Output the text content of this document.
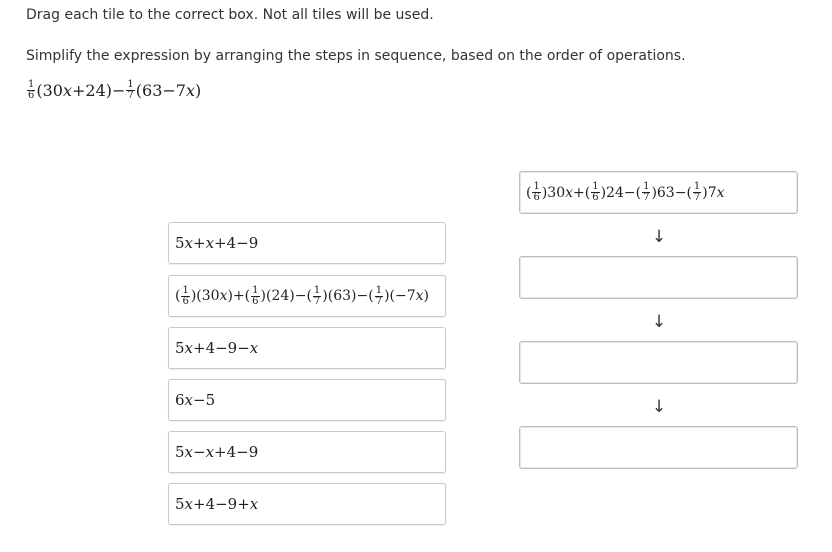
Drag each tile to the correct box. Not all tiles will be used.
Simplify the expression by arranging the steps in sequence, based on the order of operations.
$\frac{1}{6}$ (30𝑥+24)− $\frac{1}{7}$ (63−7𝑥)
5𝑥+𝑥+4−9
( $\frac{1}{6}$ )(30𝑥)+( $\frac{1}{6} )(24)-( \frac{1}{7} )(63)-( \frac{1}{7}$ )(−7𝑥)
5𝑥+4−9−𝑥
6𝑥−5
5𝑥−𝑥+4−9
5𝑥+4−9+𝑥
( $\frac{1}{6}$ )30𝑥+( $\frac{1}{6} )24-( \frac{1}{7} )63-( \frac{1}{7}$ )7𝑥
↓
↓
↓
